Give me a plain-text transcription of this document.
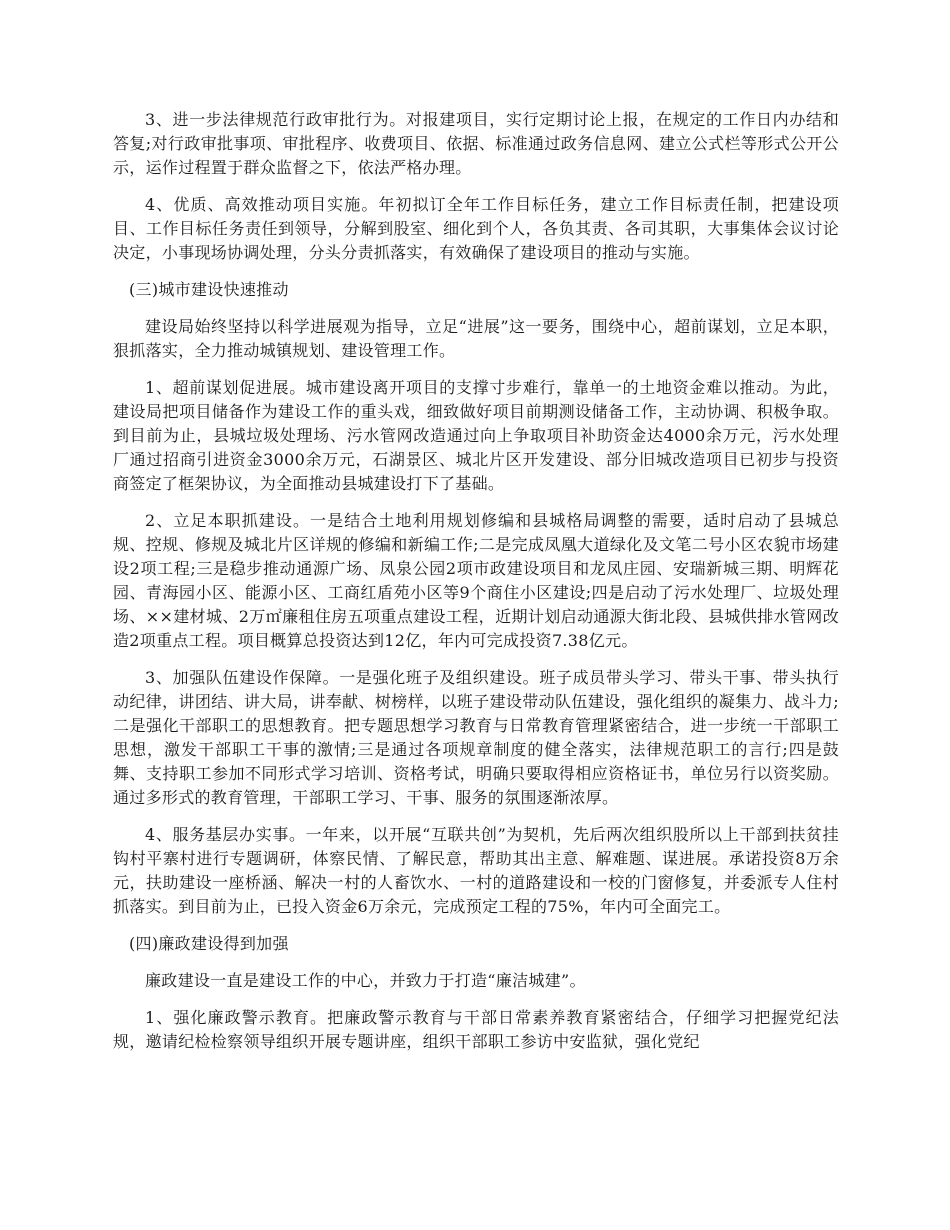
3、进一步法律规范行政审批行为。对报建项目，实行定期讨论上报，在规定的工作日内办结和答复;对行政审批事项、审批程序、收费项目、依据、标准通过政务信息网、建立公式栏等形式公开公示，运作过程置于群众监督之下，依法严格办理。

4、优质、高效推动项目实施。年初拟订全年工作目标任务，建立工作目标责任制，把建设项目、工作目标任务责任到领导，分解到股室、细化到个人，各负其责、各司其职，大事集体会议讨论决定，小事现场协调处理，分头分责抓落实，有效确保了建设项目的推动与实施。

(三)城市建设快速推动

建设局始终坚持以科学进展观为指导，立足“进展”这一要务，围绕中心，超前谋划，立足本职，狠抓落实，全力推动城镇规划、建设管理工作。

1、超前谋划促进展。城市建设离开项目的支撑寸步难行，靠单一的土地资金难以推动。为此，建设局把项目储备作为建设工作的重头戏，细致做好项目前期测设储备工作，主动协调、积极争取。到目前为止，县城垃圾处理场、污水管网改造通过向上争取项目补助资金达4000余万元，污水处理厂通过招商引进资金3000余万元，石湖景区、城北片区开发建设、部分旧城改造项目已初步与投资商签定了框架协议，为全面推动县城建设打下了基础。

2、立足本职抓建设。一是结合土地利用规划修编和县城格局调整的需要，适时启动了县城总规、控规、修规及城北片区详规的修编和新编工作;二是完成凤凰大道绿化及文笔二号小区农貌市场建设2项工程;三是稳步推动通源广场、凤泉公园2项市政建设项目和龙凤庄园、安瑞新城三期、明辉花园、青海园小区、能源小区、工商红盾苑小区等9个商住小区建设;四是启动了污水处理厂、垃圾处理场、××建材城、2万㎡廉租住房五项重点建设工程，近期计划启动通源大街北段、县城供排水管网改造2项重点工程。项目概算总投资达到12亿，年内可完成投资7.38亿元。

3、加强队伍建设作保障。一是强化班子及组织建设。班子成员带头学习、带头干事、带头执行动纪律，讲团结、讲大局，讲奉献、树榜样，以班子建设带动队伍建设，强化组织的凝集力、战斗力;二是强化干部职工的思想教育。把专题思想学习教育与日常教育管理紧密结合，进一步统一干部职工思想，激发干部职工干事的激情;三是通过各项规章制度的健全落实，法律规范职工的言行;四是鼓舞、支持职工参加不同形式学习培训、资格考试，明确只要取得相应资格证书，单位另行以资奖励。通过多形式的教育管理，干部职工学习、干事、服务的氛围逐渐浓厚。

4、服务基层办实事。一年来，以开展“互联共创”为契机，先后两次组织股所以上干部到扶贫挂钩村平寨村进行专题调研，体察民情、了解民意，帮助其出主意、解难题、谋进展。承诺投资8万余元，扶助建设一座桥涵、解决一村的人畜饮水、一村的道路建设和一校的门窗修复，并委派专人住村抓落实。到目前为止，已投入资金6万余元，完成预定工程的75%，年内可全面完工。

(四)廉政建设得到加强

廉政建设一直是建设工作的中心，并致力于打造“廉洁城建”。

1、强化廉政警示教育。把廉政警示教育与干部日常素养教育紧密结合，仔细学习把握党纪法规，邀请纪检检察领导组织开展专题讲座，组织干部职工参访中安监狱，强化党纪
